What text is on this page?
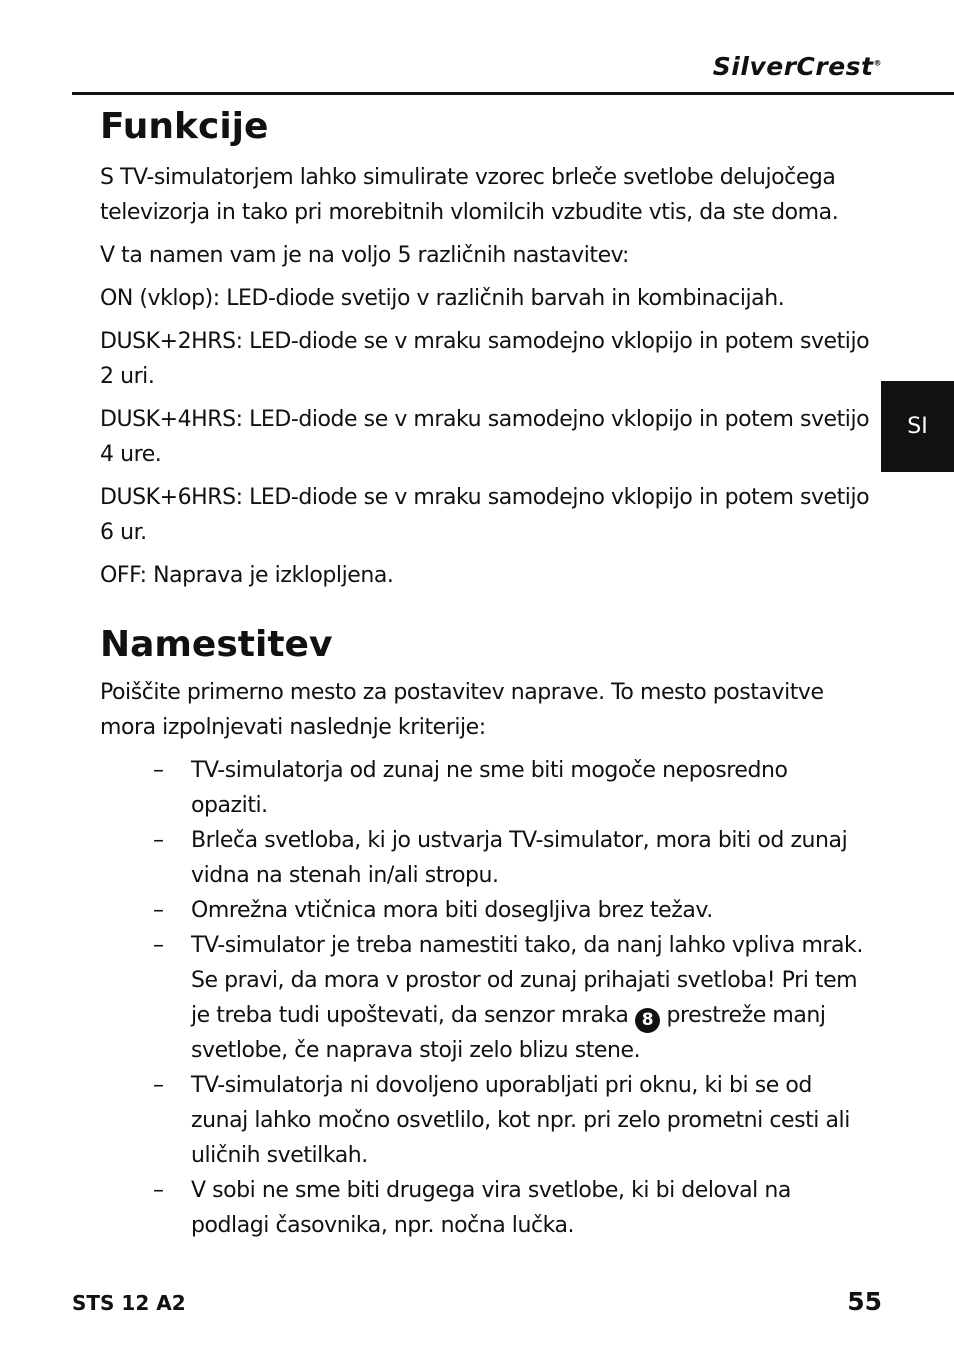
SilverCrest®
SI
Funkcije

S TV-simulatorjem lahko simulirate vzorec brleče svetlobe delujočega televizorja in tako pri morebitnih vlomilcih vzbudite vtis, da ste doma.

V ta namen vam je na voljo 5 različnih nastavitev:

ON (vklop): LED-diode svetijo v različnih barvah in kombinacijah.

DUSK+2HRS: LED-diode se v mraku samodejno vklopijo in potem svetijo 2 uri.

DUSK+4HRS: LED-diode se v mraku samodejno vklopijo in potem svetijo 4 ure.

DUSK+6HRS: LED-diode se v mraku samodejno vklopijo in potem svetijo 6 ur.

OFF: Naprava je izklopljena.

Namestitev

Poiščite primerno mesto za postavitev naprave. To mesto postavitve mora izpolnjevati naslednje kriterije:

– TV-simulatorja od zunaj ne sme biti mogoče neposredno opaziti.
– Brleča svetloba, ki jo ustvarja TV-simulator, mora biti od zunaj vidna na stenah in/ali stropu.
– Omrežna vtičnica mora biti dosegljiva brez težav.
– TV-simulator je treba namestiti tako, da nanj lahko vpliva mrak. Se pravi, da mora v prostor od zunaj prihajati svetloba! Pri tem je treba tudi upoštevati, da senzor mraka 8 prestreže manj svetlobe, če naprava stoji zelo blizu stene.
– TV-simulatorja ni dovoljeno uporabljati pri oknu, ki bi se od zunaj lahko močno osvetlilo, kot npr. pri zelo prometni cesti ali uličnih svetilkah.
– V sobi ne sme biti drugega vira svetlobe, ki bi deloval na podlagi časovnika, npr. nočna lučka.
STS 12 A2	55
